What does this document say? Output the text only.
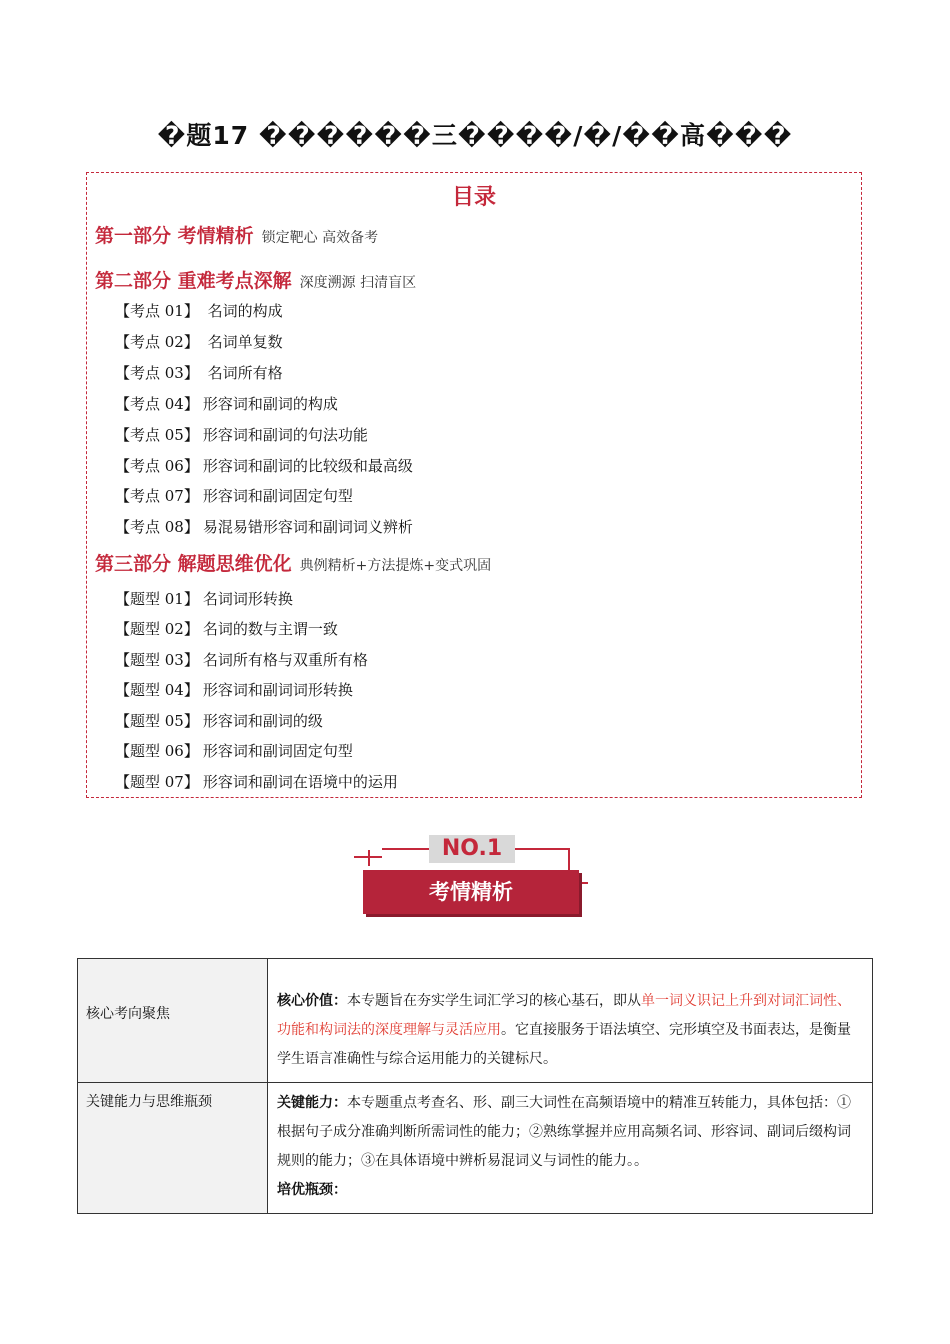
�题17 ������三����/�/��高���
目录
第一部分 考情精析 锁定靶心 高效备考
第二部分 重难考点深解 深度溯源 扫清盲区
【考点 01】 名词的构成
【考点 02】 名词单复数
【考点 03】 名词所有格
【考点 04】 形容词和副词的构成
【考点 05】 形容词和副词的句法功能
【考点 06】 形容词和副词的比较级和最高级
【考点 07】 形容词和副词固定句型
【考点 08】 易混易错形容词和副词词义辨析
第三部分 解题思维优化 典例精析+方法提炼+变式巩固
【题型 01】 名词词形转换
【题型 02】 名词的数与主谓一致
【题型 03】 名词所有格与双重所有格
【题型 04】 形容词和副词词形转换
【题型 05】 形容词和副词的级
【题型 06】 形容词和副词固定句型
【题型 07】 形容词和副词在语境中的运用
NO.1
考情精析
核心考向聚焦	核心价值：本专题旨在夯实学生词汇学习的核心基石，即从单一词义识记上升到对词汇词性、功能和构词法的深度理解与灵活应用。它直接服务于语法填空、完形填空及书面表达，是衡量学生语言准确性与综合运用能力的关键标尺。
关键能力与思维瓶颈	关键能力：本专题重点考查名、形、副三大词性在高频语境中的精准互转能力，具体包括：①根据句子成分准确判断所需词性的能力；②熟练掌握并应用高频名词、形容词、副词后缀构词规则的能力；③在具体语境中辨析易混词义与词性的能力。。
培优瓶颈：
